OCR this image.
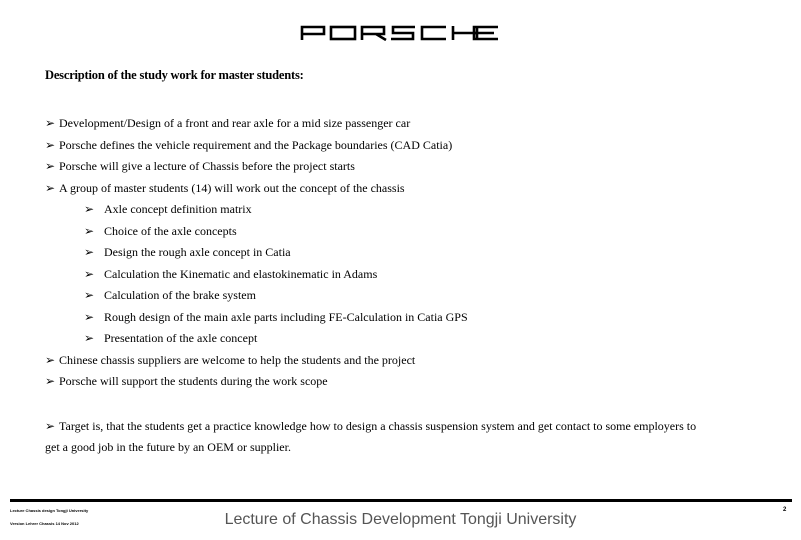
Description of the study work for master students:
➢ Development/Design of a front and rear axle for a mid size passenger car
➢ Porsche defines the vehicle requirement and the Package boundaries (CAD Catia)
➢ Porsche will give a lecture of Chassis before the project starts
➢ A group of master students (14) will work out the concept of the chassis
➢ Axle concept definition matrix
➢ Choice of the axle concepts
➢ Design the rough axle concept in Catia
➢ Calculation the Kinematic and elastokinematic in Adams
➢ Calculation of the brake system
➢ Rough design of the main axle parts including FE-Calculation in Catia GPS
➢ Presentation of the axle concept
➢ Chinese chassis suppliers are welcome to help the students and the project
➢ Porsche will support the students during the work scope
➢ Target is, that the students get a practice knowledge how to design a chassis suspension system and get contact to some employers to
get a good job in the future by an OEM or supplier.
Lecture Chassis design Tongji University
Version Lehrer Chassis 14 Nov 2012	Lecture of Chassis Development Tongji University
2
